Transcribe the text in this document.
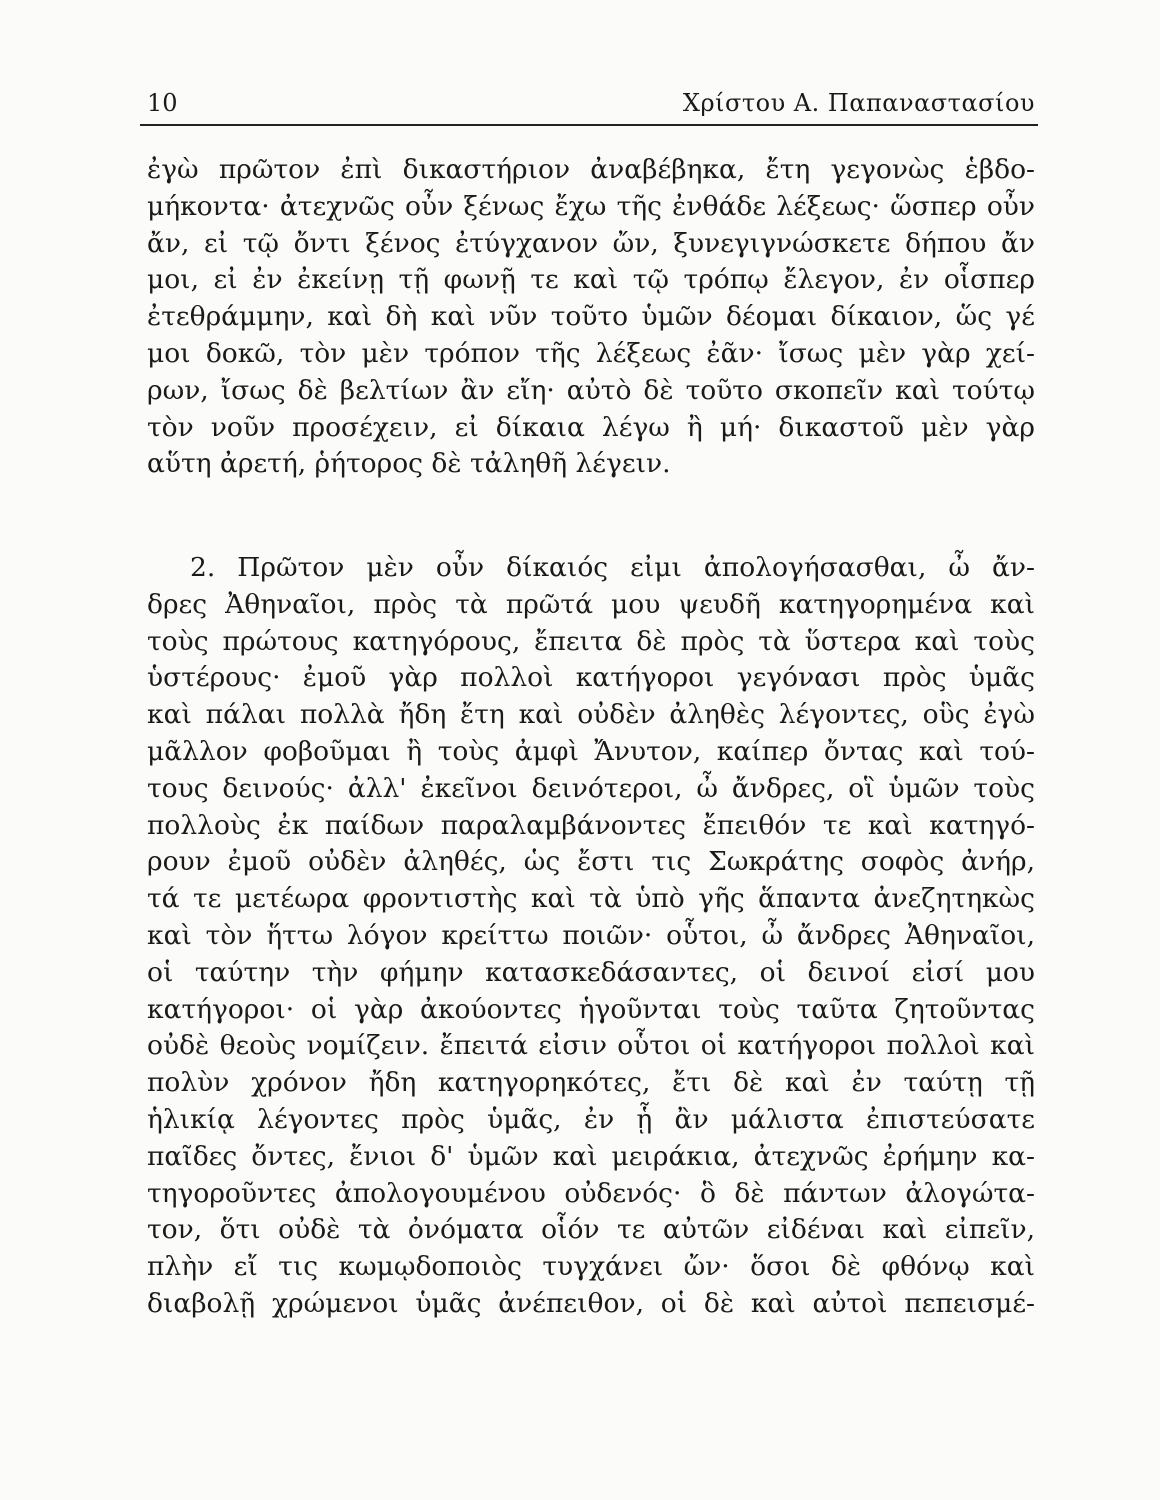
10	Χρίστου Α. Παπαναστασίου
ἐγὼ πρῶτον ἐπὶ δικαστήριον ἀναβέβηκα, ἔτη γεγονὼς ἑβδο-
μήκοντα· ἀτεχνῶς οὖν ξένως ἔχω τῆς ἐνθάδε λέξεως· ὥσπερ οὖν
ἄν, εἰ τῷ ὄντι ξένος ἐτύγχανον ὤν, ξυνεγιγνώσκετε δήπου ἄν
μοι, εἰ ἐν ἐκείνῃ τῇ φωνῇ τε καὶ τῷ τρόπῳ ἔλεγον, ἐν οἷσπερ
ἐτεθράμμην, καὶ δὴ καὶ νῦν τοῦτο ὑμῶν δέομαι δίκαιον, ὥς γέ
μοι δοκῶ, τὸν μὲν τρόπον τῆς λέξεως ἐᾶν· ἴσως μὲν γὰρ χεί-
ρων, ἴσως δὲ βελτίων ἂν εἴη· αὐτὸ δὲ τοῦτο σκοπεῖν καὶ τούτῳ
τὸν νοῦν προσέχειν, εἰ δίκαια λέγω ἢ μή· δικαστοῦ μὲν γὰρ
αὕτη ἀρετή, ῥήτορος δὲ τἀληθῆ λέγειν.
2. Πρῶτον μὲν οὖν δίκαιός εἰμι ἀπολογήσασθαι, ὦ ἄν-
δρες Ἀθηναῖοι, πρὸς τὰ πρῶτά μου ψευδῆ κατηγορημένα καὶ
τοὺς πρώτους κατηγόρους, ἔπειτα δὲ πρὸς τὰ ὕστερα καὶ τοὺς
ὑστέρους· ἐμοῦ γὰρ πολλοὶ κατήγοροι γεγόνασι πρὸς ὑμᾶς
καὶ πάλαι πολλὰ ἤδη ἔτη καὶ οὐδὲν ἀληθὲς λέγοντες, οὓς ἐγὼ
μᾶλλον φοβοῦμαι ἢ τοὺς ἀμφὶ Ἄνυτον, καίπερ ὄντας καὶ τού-
τους δεινούς· ἀλλ' ἐκεῖνοι δεινότεροι, ὦ ἄνδρες, οἳ ὑμῶν τοὺς
πολλοὺς ἐκ παίδων παραλαμβάνοντες ἔπειθόν τε καὶ κατηγό-
ρουν ἐμοῦ οὐδὲν ἀληθές, ὡς ἔστι τις Σωκράτης σοφὸς ἀνήρ,
τά τε μετέωρα φροντιστὴς καὶ τὰ ὑπὸ γῆς ἅπαντα ἀνεζητηκὼς
καὶ τὸν ἥττω λόγον κρείττω ποιῶν· οὗτοι, ὦ ἄνδρες Ἀθηναῖοι,
οἱ ταύτην τὴν φήμην κατασκεδάσαντες, οἱ δεινοί εἰσί μου
κατήγοροι· οἱ γὰρ ἀκούοντες ἡγοῦνται τοὺς ταῦτα ζητοῦντας
οὐδὲ θεοὺς νομίζειν. ἔπειτά εἰσιν οὗτοι οἱ κατήγοροι πολλοὶ καὶ
πολὺν χρόνον ἤδη κατηγορηκότες, ἔτι δὲ καὶ ἐν ταύτῃ τῇ
ἡλικίᾳ λέγοντες πρὸς ὑμᾶς, ἐν ᾗ ἂν μάλιστα ἐπιστεύσατε
παῖδες ὄντες, ἔνιοι δ' ὑμῶν καὶ μειράκια, ἀτεχνῶς ἐρήμην κα-
τηγοροῦντες ἀπολογουμένου οὐδενός· ὃ δὲ πάντων ἀλογώτα-
τον, ὅτι οὐδὲ τὰ ὀνόματα οἷόν τε αὐτῶν εἰδέναι καὶ εἰπεῖν,
πλὴν εἴ τις κωμῳδοποιὸς τυγχάνει ὤν· ὅσοι δὲ φθόνῳ καὶ
διαβολῇ χρώμενοι ὑμᾶς ἀνέπειθον, οἱ δὲ καὶ αὐτοὶ πεπεισμέ-
